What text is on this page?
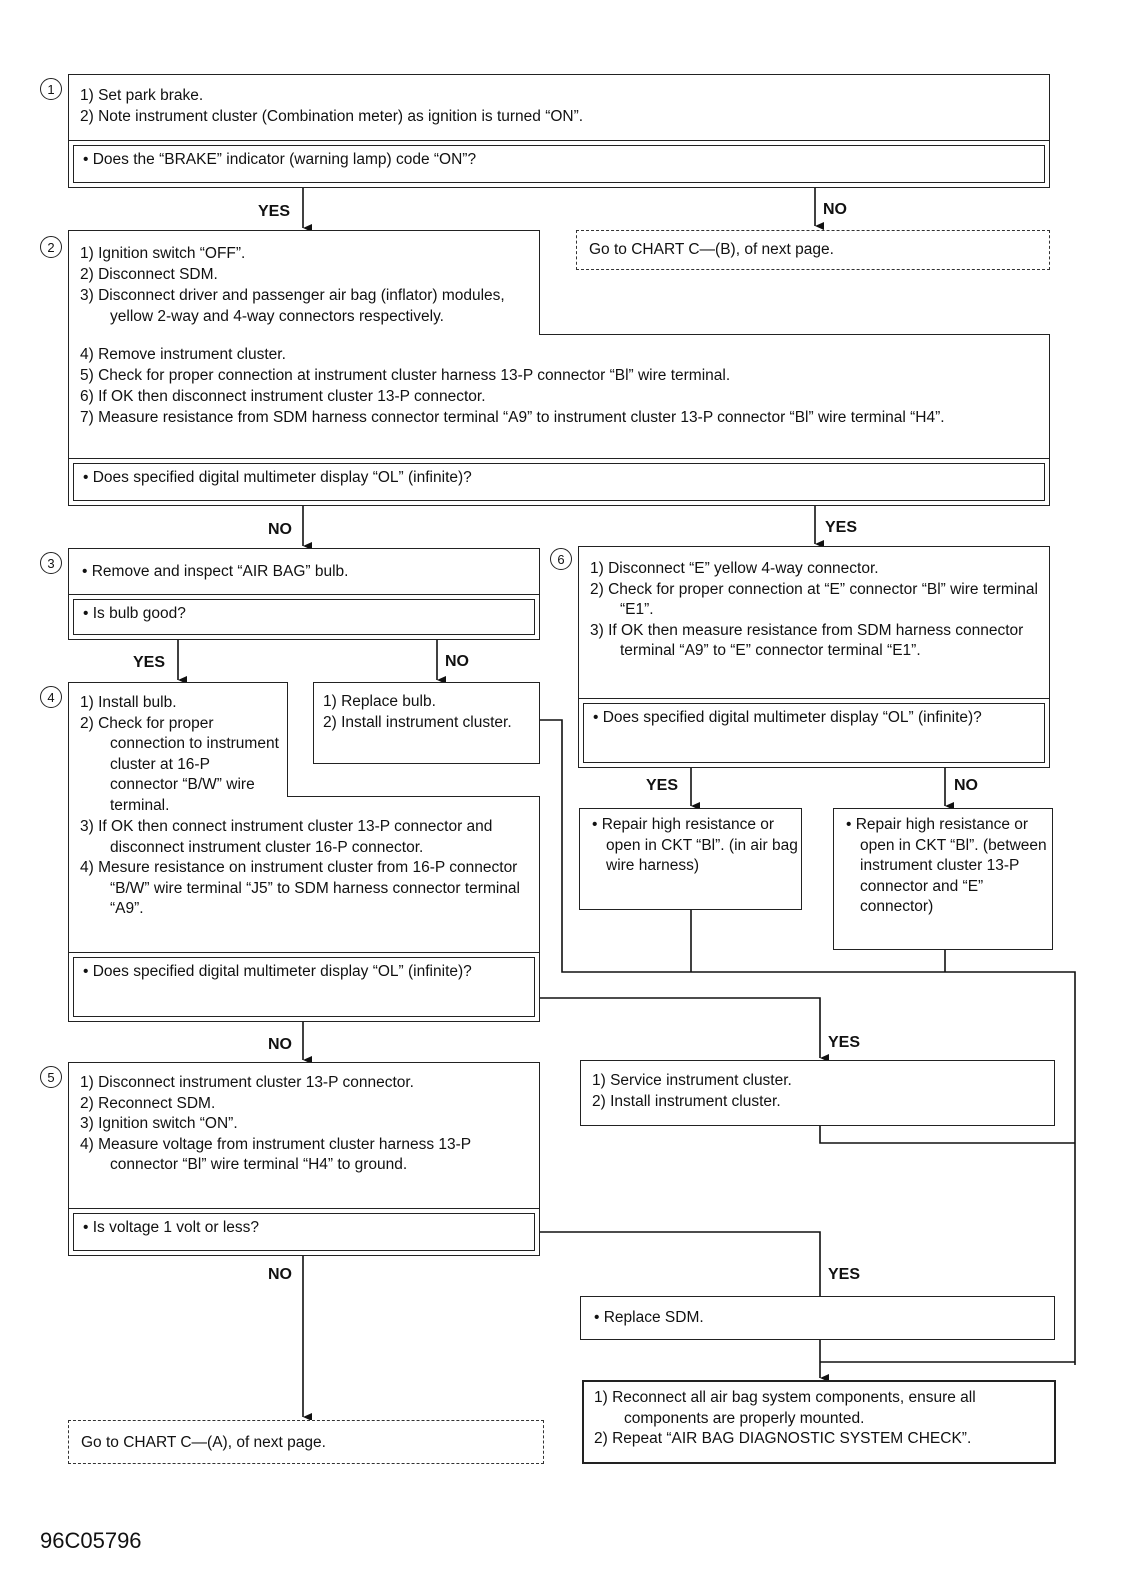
1	1) Set park brake.
2) Note instrument cluster (Combination meter) as ignition is turned “ON”.
• Does the “BRAKE” indicator (warning lamp) code “ON”?
YES	NO
Go to CHART C—(B), of next page.
2	1) Ignition switch “OFF”.
2) Disconnect SDM.
3) Disconnect driver and passenger air bag (inflator) modules, yellow 2-way and 4-way connectors respectively.
4) Remove instrument cluster.
5) Check for proper connection at instrument cluster harness 13-P connector “Bl” wire terminal.
6) If OK then disconnect instrument cluster 13-P connector.
7) Measure resistance from SDM harness connector terminal “A9” to instrument cluster 13-P connector “Bl” wire terminal “H4”.
• Does specified digital multimeter display “OL” (infinite)?
NO	YES
3	• Remove and inspect “AIR BAG” bulb.
• Is bulb good?
YES	NO
1) Replace bulb.
2) Install instrument cluster.
4	1) Install bulb.
2) Check for proper connection to instrument cluster at 16-P connector “B/W” wire terminal.
3) If OK then connect instrument cluster 13-P connector and disconnect instrument cluster 16-P connector.
4) Mesure resistance on instrument cluster from 16-P connector “B/W” wire terminal “J5” to SDM harness connector terminal “A9”.
• Does specified digital multimeter display “OL” (infinite)?
6
1) Disconnect “E” yellow 4-way connector.
2) Check for proper connection at “E” connector “Bl” wire terminal “E1”.
3) If OK then measure resistance from SDM harness connector terminal “A9” to “E” connector terminal “E1”.
• Does specified digital multimeter display “OL” (infinite)?
YES	NO
• Repair high resistance or open in CKT “Bl”. (in air bag wire harness)
• Repair high resistance or open in CKT “Bl”. (between instrument cluster 13-P connector and “E” connector)
NO	YES
1) Service instrument cluster.
2) Install instrument cluster.
5	1) Disconnect instrument cluster 13-P connector.
2) Reconnect SDM.
3) Ignition switch “ON”.
4) Measure voltage from instrument cluster harness 13-P connector “Bl” wire terminal “H4” to ground.
• Is voltage 1 volt or less?
NO	YES
• Replace SDM.
1) Reconnect all air bag system components, ensure all components are properly mounted.
2) Repeat “AIR BAG DIAGNOSTIC SYSTEM CHECK”.
Go to CHART C—(A), of next page.
96C05796
